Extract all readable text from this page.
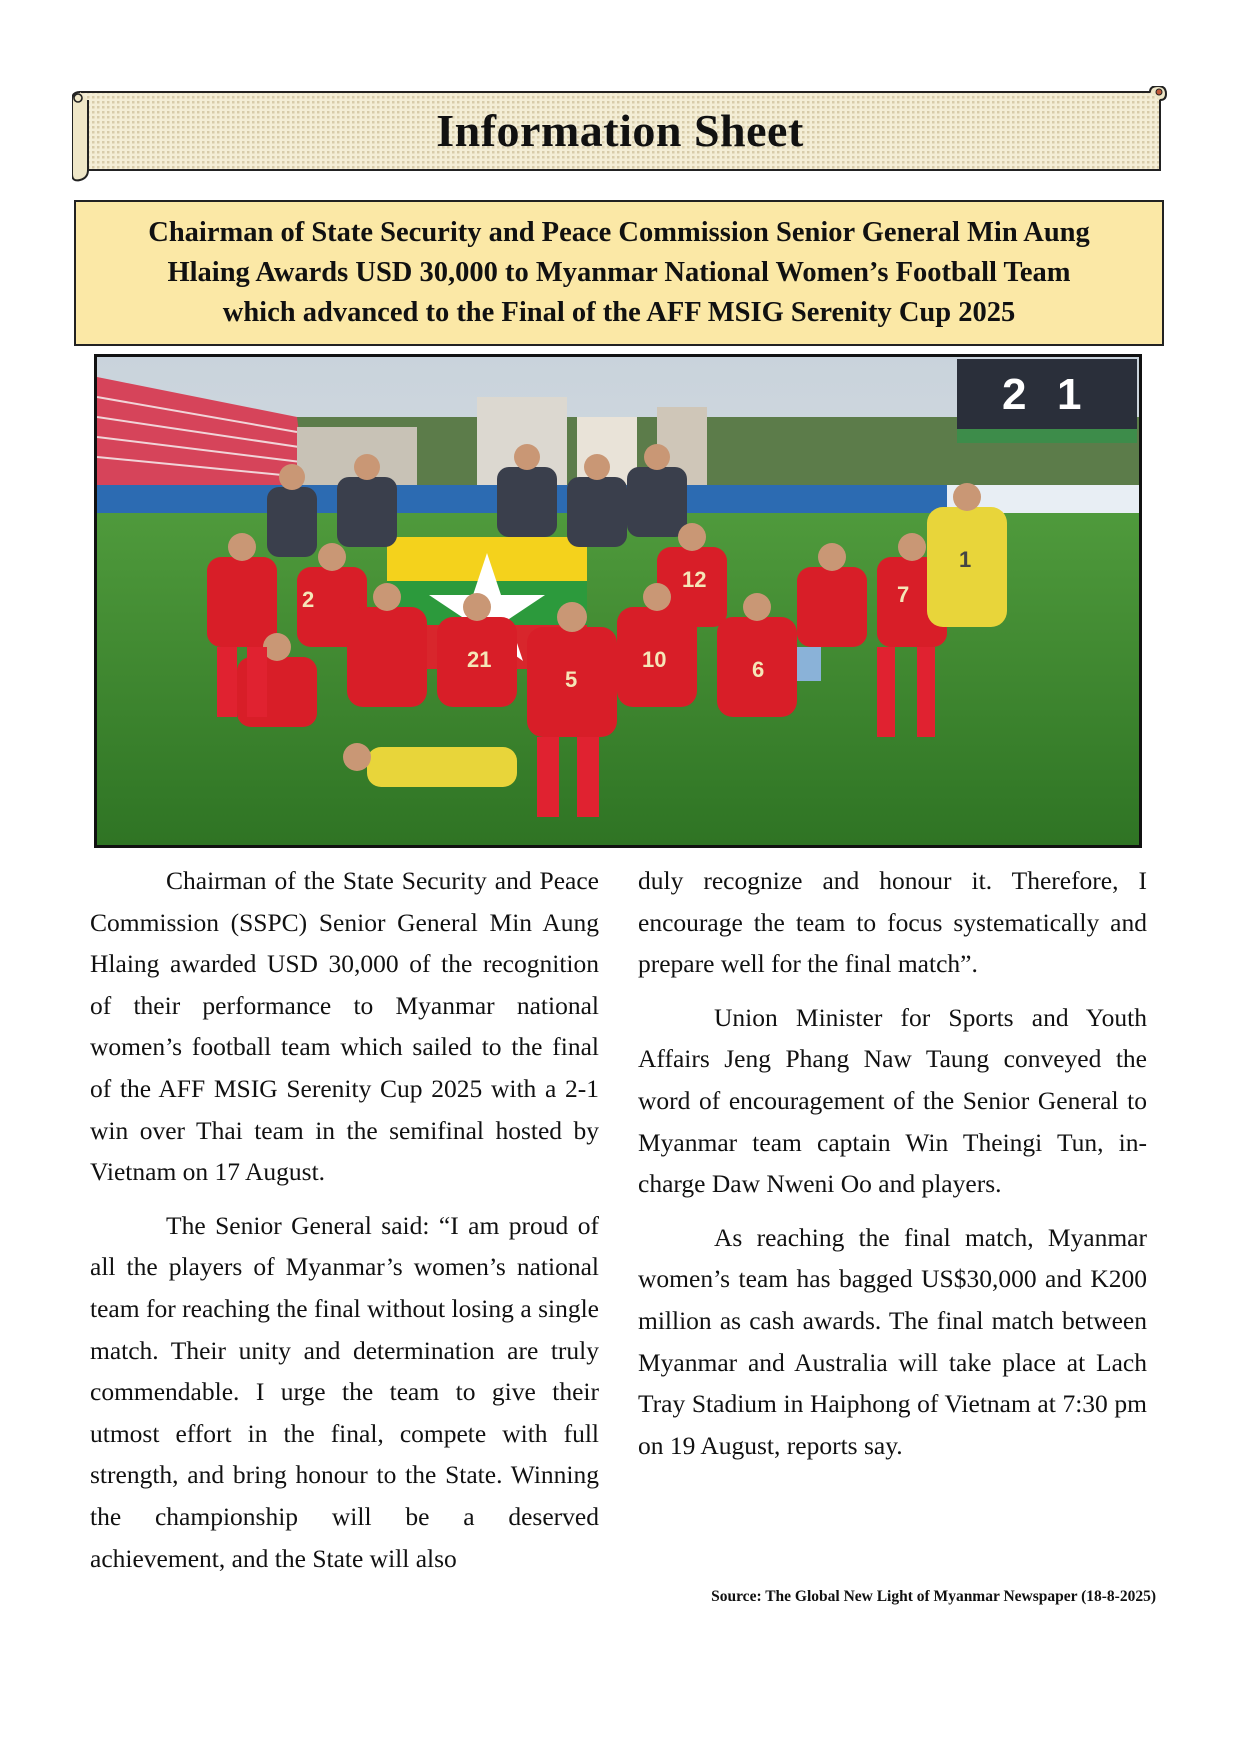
Information Sheet

Chairman of State Security and Peace Commission Senior General Min Aung
Hlaing Awards USD 30,000 to Myanmar National Women’s Football Team
which advanced to the Final of the AFF MSIG Serenity Cup 2025

2 1
2
21
5	6
10
12
7
1

Chairman of the State Security and Peace Commission (SSPC) Senior General Min Aung Hlaing awarded USD 30,000 of the recognition of their performance to Myanmar national women’s football team which sailed to the final of the AFF MSIG Serenity Cup 2025 with a 2-1 win over Thai team in the semifinal hosted by Vietnam on 17 August.

The Senior General said: “I am proud of all the players of Myanmar’s women’s national team for reaching the final without losing a single match. Their unity and determination are truly commendable. I urge the team to give their utmost effort in the final, compete with full strength, and bring honour to the State. Winning the championship will be a deserved achievement, and the State will also

duly recognize and honour it. Therefore, I encourage the team to focus systematically and prepare well for the final match”.

Union Minister for Sports and Youth Affairs Jeng Phang Naw Taung conveyed the word of encouragement of the Senior General to Myanmar team captain Win Theingi Tun, in-charge Daw Nweni Oo and players.

As reaching the final match, Myanmar women’s team has bagged US$30,000 and K200 million as cash awards. The final match between Myanmar and Australia will take place at Lach Tray Stadium in Haiphong of Vietnam at 7:30 pm on 19 August, reports say.

Source: The Global New Light of Myanmar Newspaper (18-8-2025)
